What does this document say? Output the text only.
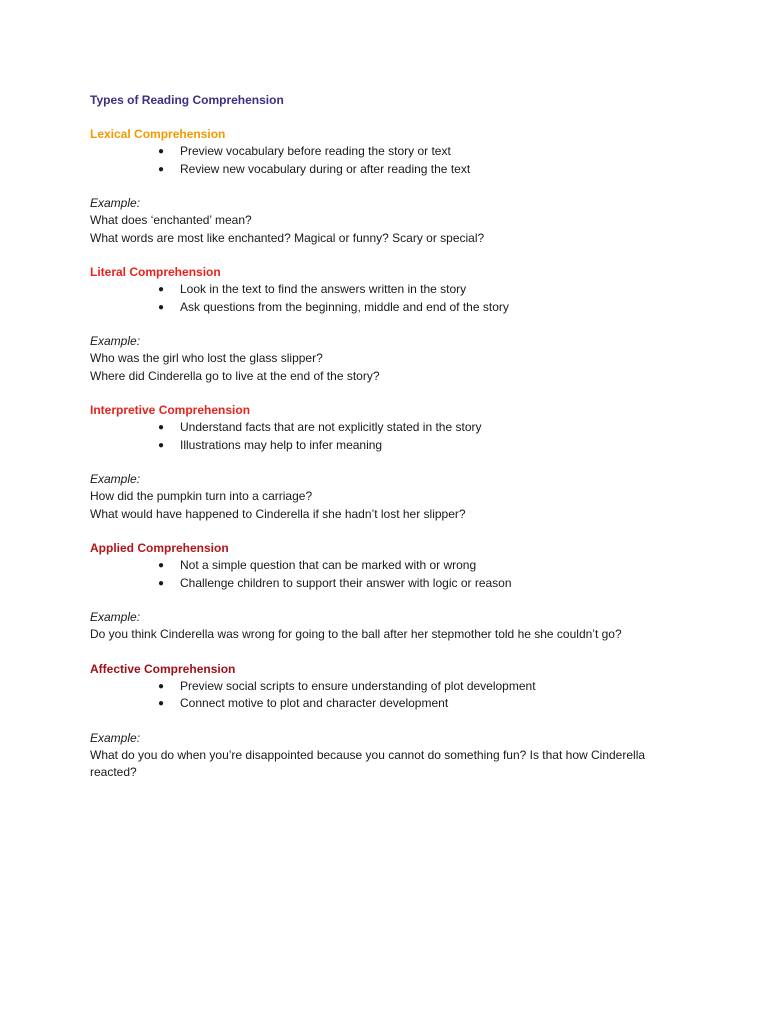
Types of Reading Comprehension
Lexical Comprehension
● Preview vocabulary before reading the story or text
● Review new vocabulary during or after reading the text
Example:
What does ‘enchanted’ mean?
What words are most like enchanted? Magical or funny? Scary or special?
Literal Comprehension
● Look in the text to find the answers written in the story
● Ask questions from the beginning, middle and end of the story
Example:
Who was the girl who lost the glass slipper?
Where did Cinderella go to live at the end of the story?
Interpretive Comprehension
● Understand facts that are not explicitly stated in the story
● Illustrations may help to infer meaning
Example:
How did the pumpkin turn into a carriage?
What would have happened to Cinderella if she hadn’t lost her slipper?
Applied Comprehension
● Not a simple question that can be marked with or wrong
● Challenge children to support their answer with logic or reason
Example:
Do you think Cinderella was wrong for going to the ball after her stepmother told he she couldn’t go?
Affective Comprehension
● Preview social scripts to ensure understanding of plot development
● Connect motive to plot and character development
Example:
What do you do when you’re disappointed because you cannot do something fun? Is that how Cinderella reacted?
